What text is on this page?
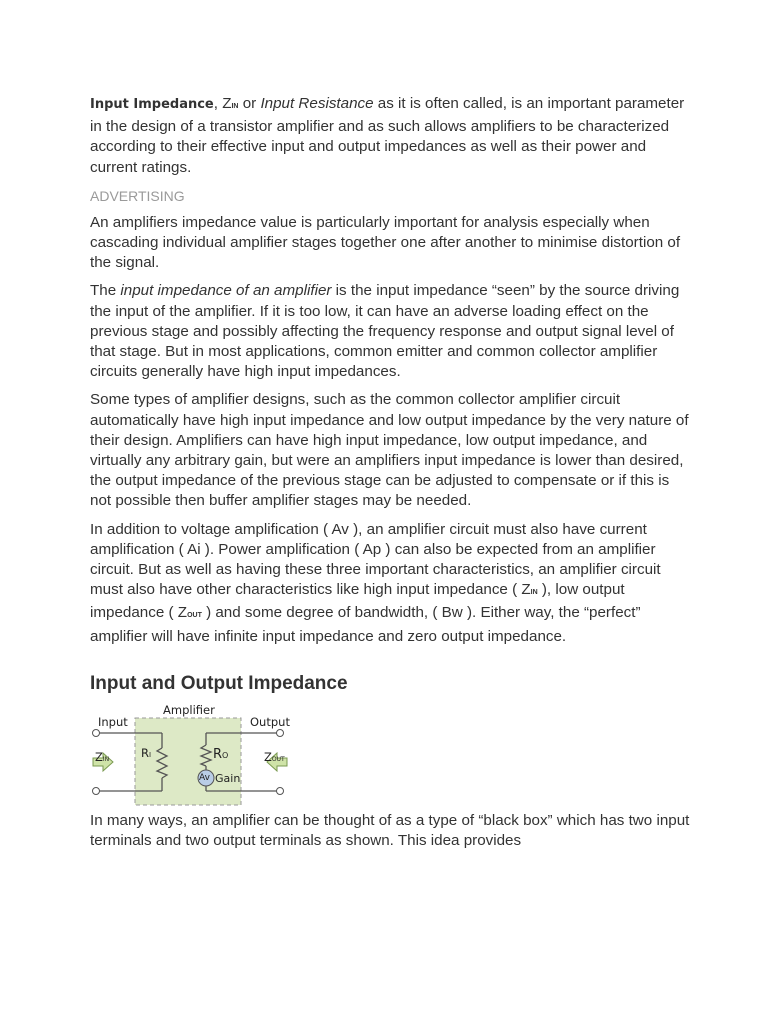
Input Impedance, ZIN or Input Resistance as it is often called, is an important parameter in the design of a transistor amplifier and as such allows amplifiers to be characterized according to their effective input and output impedances as well as their power and current ratings.

ADVERTISING

An amplifiers impedance value is particularly important for analysis especially when cascading individual amplifier stages together one after another to minimise distortion of the signal.

The input impedance of an amplifier is the input impedance “seen” by the source driving the input of the amplifier. If it is too low, it can have an adverse loading effect on the previous stage and possibly affecting the frequency response and output signal level of that stage. But in most applications, common emitter and common collector amplifier circuits generally have high input impedances.

Some types of amplifier designs, such as the common collector amplifier circuit automatically have high input impedance and low output impedance by the very nature of their design. Amplifiers can have high input impedance, low output impedance, and virtually any arbitrary gain, but were an amplifiers input impedance is lower than desired, the output impedance of the previous stage can be adjusted to compensate or if this is not possible then buffer amplifier stages may be needed.

In addition to voltage amplification ( Av ), an amplifier circuit must also have current amplification ( Ai ). Power amplification ( Ap ) can also be expected from an amplifier circuit. But as well as having these three important characteristics, an amplifier circuit must also have other characteristics like high input impedance ( ZIN ), low output impedance ( ZOUT ) and some degree of bandwidth, ( Bw ). Either way, the “perfect” amplifier will have infinite input impedance and zero output impedance.

Input and Output Impedance
Amplifier
Input	Output
RI	RO
ZIN	ZOUT
Av Gain

In many ways, an amplifier can be thought of as a type of “black box” which has two input terminals and two output terminals as shown. This idea provides
